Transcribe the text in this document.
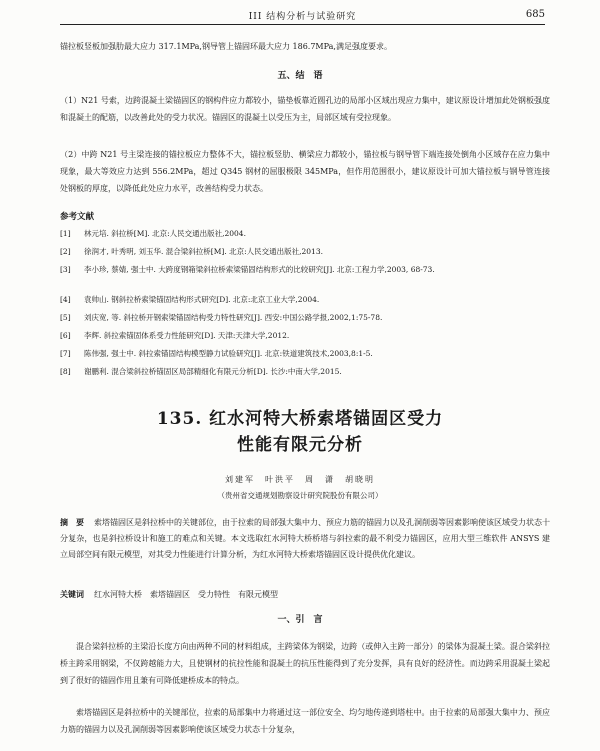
III 结构分析与试验研究	685
锚拉板竖板加强肋最大应力 317.1MPa,钢导管上锚固环最大应力 186.7MPa,满足强度要求。
五、结　语
（1）N21 号索，边跨混凝土梁锚固区的钢构件应力都较小，锚垫板靠近圆孔边的局部小区域出现应力集中，建议原设计增加此处钢板强度和混凝土的配筋，以改善此处的受力状况。锚固区的混凝土以受压为主，局部区域有受拉现象。
（2）中跨 N21 号主梁连接的锚拉板应力整体不大，锚拉板竖肋、横梁应力都较小，锚拉板与钢导管下端连接处倒角小区域存在应力集中现象，最大等效应力达到 556.2MPa，超过 Q345 钢材的屈服极限 345MPa，但作用范围很小，建议原设计可加大锚拉板与钢导管连接处钢板的厚度，以降低此处应力水平，改善结构受力状态。
参考文献
[1] 林元培. 斜拉桥[M]. 北京:人民交通出版社,2004.
[2] 徐润才, 叶秀明, 刘玉华. 混合梁斜拉桥[M]. 北京:人民交通出版社,2013.
[3] 李小珍, 蔡婧, 强士中. 大跨度钢箱梁斜拉桥索梁锚固结构形式的比较研究[J]. 北京:工程力学,2003, 68-73.
[4] 袁帅山. 钢斜拉桥索梁锚固结构形式研究[D]. 北京:北京工业大学,2004.
[5] 刘庆宽, 等. 斜拉桥开钢索梁锚固结构受力特性研究[J]. 西安:中国公路学报,2002,1:75-78.
[6] 李辉. 斜拉索锚固体系受力性能研究[D]. 天津:天津大学,2012.
[7] 陈伟强, 强士中. 斜拉索锚固结构模型静力试验研究[J]. 北京:铁道建筑技术,2003,8:1-5.
[8] 谢鹏利. 混合梁斜拉桥锚固区局部精细化有限元分析[D]. 长沙:中南大学,2015.
135. 红水河特大桥索塔锚固区受力
性能有限元分析
刘建军　叶洪平　周　潇　胡晓明
（贵州省交通规划勘察设计研究院股份有限公司）
摘　要 索塔锚固区是斜拉桥中的关键部位，由于拉索的局部强大集中力、预应力筋的锚固力以及孔洞削弱等因素影响使该区域受力状态十分复杂，也是斜拉桥设计和施工的难点和关键。本文选取红水河特大桥桥塔与斜拉索的最不利受力锚固区，应用大型三维软件 ANSYS 建立局部空间有限元模型，对其受力性能进行计算分析，为红水河特大桥索塔锚固区设计提供优化建议。
关键词 红水河特大桥　索塔锚固区　受力特性　有限元模型
一、引　言
混合梁斜拉桥的主梁沿长度方向由两种不同的材料组成，主跨梁体为钢梁，边跨（或伸入主跨一部分）的梁体为混凝土梁。混合梁斜拉桥主跨采用钢梁，不仅跨越能力大，且使钢材的抗拉性能和混凝土的抗压性能得到了充分发挥，具有良好的经济性。而边跨采用混凝土梁起到了很好的锚固作用且兼有可降低建桥成本的特点。
索塔锚固区是斜拉桥中的关键部位，拉索的局部集中力将通过这一部位安全、均匀地传递到塔柱中。由于拉索的局部强大集中力、预应力筋的锚固力以及孔洞削弱等因素影响使该区域受力状态十分复杂，
